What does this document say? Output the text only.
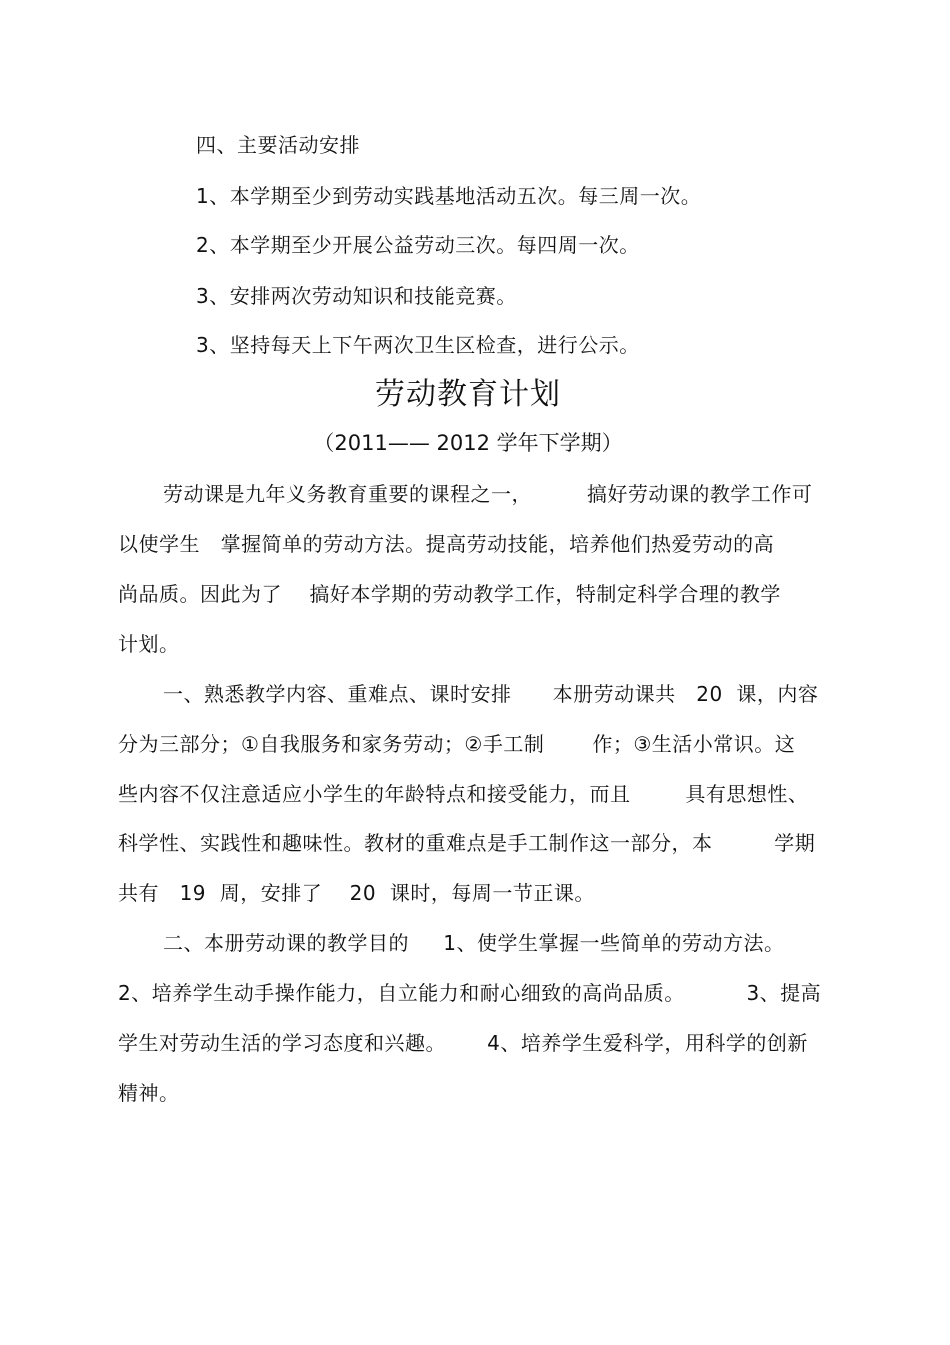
四、主要活动安排
1、本学期至少到劳动实践基地活动五次。每三周一次。
2、本学期至少开展公益劳动三次。每四周一次。
3、安排两次劳动知识和技能竞赛。
3、坚持每天上下午两次卫生区检查，进行公示。
劳动教育计划
（2011—— 2012 学年下学期）
劳动课是九年义务教育重要的课程之一，        搞好劳动课的教学工作可
以使学生   掌握简单的劳动方法。提高劳动技能，培养他们热爱劳动的高
尚品质。因此为了    搞好本学期的劳动教学工作，特制定科学合理的教学
计划。
一、熟悉教学内容、重难点、课时安排      本册劳动课共   20  课，内容
分为三部分；①自我服务和家务劳动；②手工制       作；③生活小常识。这
些内容不仅注意适应小学生的年龄特点和接受能力，而且        具有思想性、
科学性、实践性和趣味性。教材的重难点是手工制作这一部分，本         学期
共有   19  周，安排了    20  课时，每周一节正课。
二、本册劳动课的教学目的     1、使学生掌握一些简单的劳动方法。
2、培养学生动手操作能力，自立能力和耐心细致的高尚品质。         3、提高
学生对劳动生活的学习态度和兴趣。      4、培养学生爱科学，用科学的创新
精神。
